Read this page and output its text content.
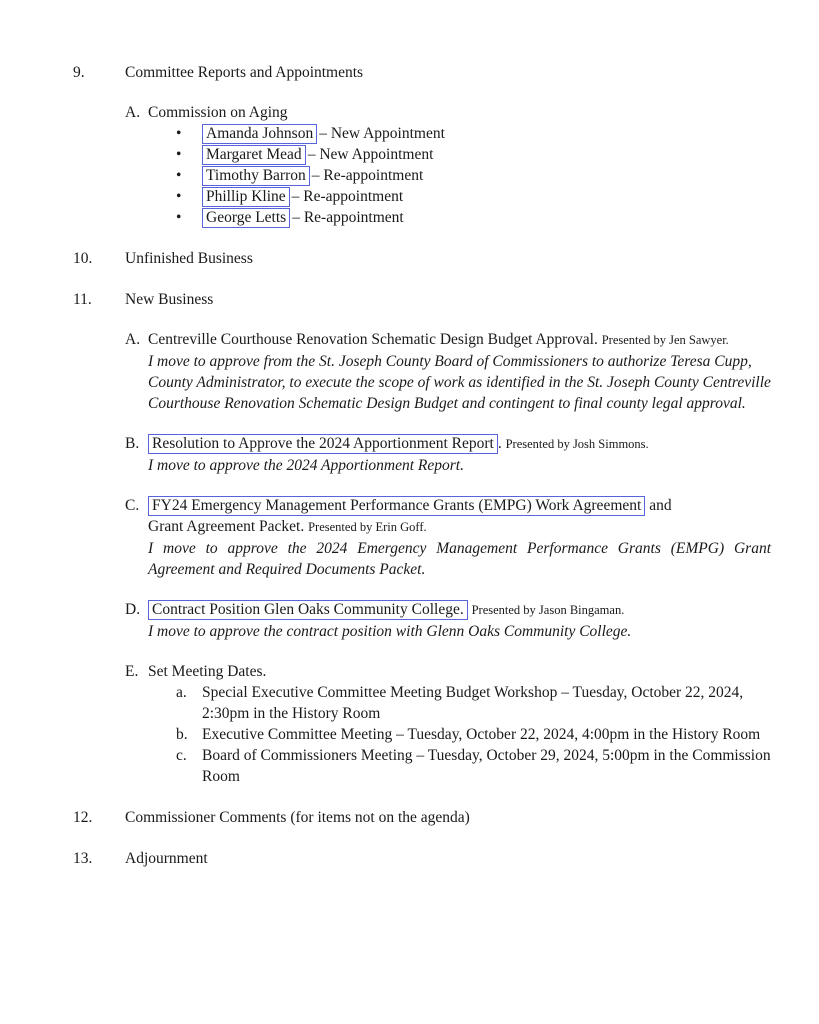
9.	Committee Reports and Appointments
A. Commission on Aging
•	Amanda Johnson – New Appointment
•	Margaret Mead – New Appointment
•	Timothy Barron – Re-appointment
•	Phillip Kline – Re-appointment
•	George Letts – Re-appointment
10.	Unfinished Business
11.	New Business
A. Centreville Courthouse Renovation Schematic Design Budget Approval. Presented by Jen Sawyer.
I move to approve from the St. Joseph County Board of Commissioners to authorize Teresa Cupp, County Administrator, to execute the scope of work as identified in the St. Joseph County Centreville Courthouse Renovation Schematic Design Budget and contingent to final county legal approval.
B. Resolution to Approve the 2024 Apportionment Report . Presented by Josh Simmons.
I move to approve the 2024 Apportionment Report.
C. FY24 Emergency Management Performance Grants (EMPG) Work Agreement and
Grant Agreement Packet. Presented by Erin Goff.
I move to approve the 2024 Emergency Management Performance Grants (EMPG) Grant Agreement and Required Documents Packet.
D. Contract Position Glen Oaks Community College. Presented by Jason Bingaman.
I move to approve the contract position with Glenn Oaks Community College.
E. Set Meeting Dates.
a. Special Executive Committee Meeting Budget Workshop – Tuesday, October 22, 2024, 2:30pm in the History Room
b. Executive Committee Meeting – Tuesday, October 22, 2024, 4:00pm in the History Room
c. Board of Commissioners Meeting – Tuesday, October 29, 2024, 5:00pm in the Commission Room
12.	Commissioner Comments (for items not on the agenda)
13.	Adjournment
